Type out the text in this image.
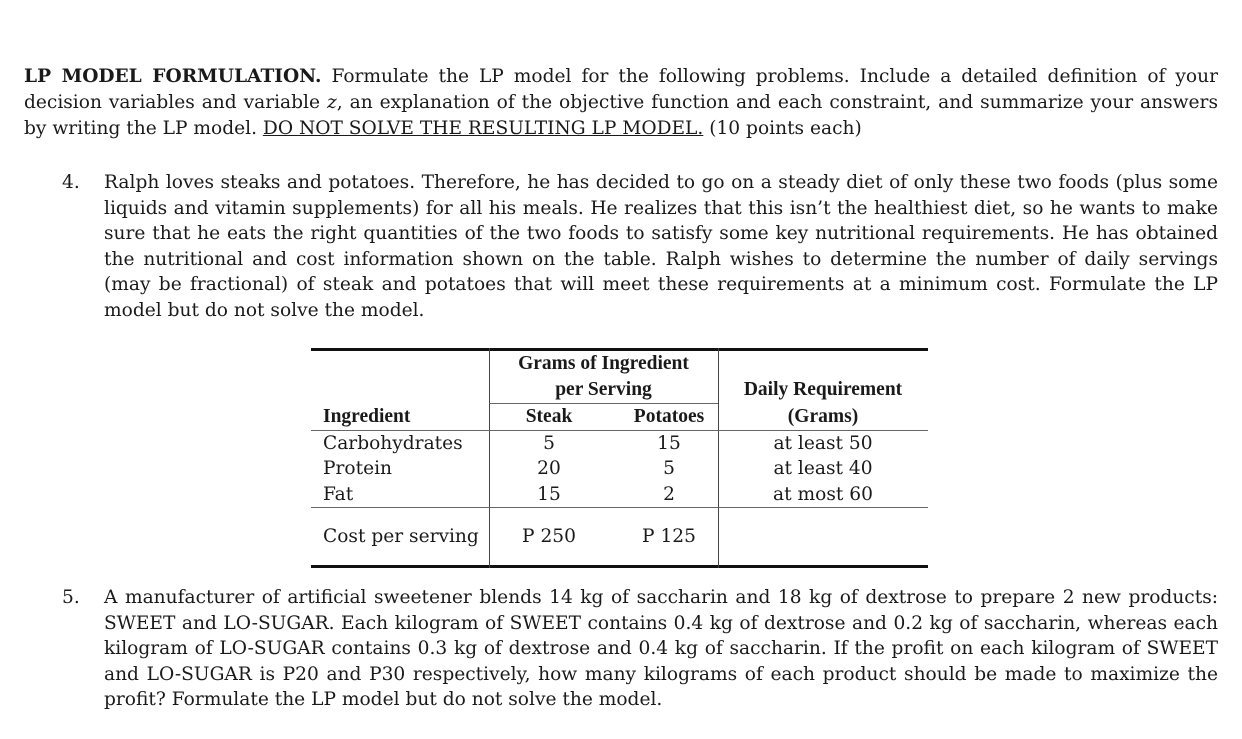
LP MODEL FORMULATION. Formulate the LP model for the following problems. Include a detailed definition of your decision variables and variable z, an explanation of the objective function and each constraint, and summarize your answers by writing the LP model. DO NOT SOLVE THE RESULTING LP MODEL. (10 points each)

4. Ralph loves steaks and potatoes. Therefore, he has decided to go on a steady diet of only these two foods (plus some liquids and vitamin supplements) for all his meals. He realizes that this isn’t the healthiest diet, so he wants to make sure that he eats the right quantities of the two foods to satisfy some key nutritional requirements. He has obtained the nutritional and cost information shown on the table. Ralph wishes to determine the number of daily servings (may be fractional) of steak and potatoes that will meet these requirements at a minimum cost. Formulate the LP model but do not solve the model.

5. A manufacturer of artificial sweetener blends 14 kg of saccharin and 18 kg of dextrose to prepare 2 new products: SWEET and LO-SUGAR. Each kilogram of SWEET contains 0.4 kg of dextrose and 0.2 kg of saccharin, whereas each kilogram of LO-SUGAR contains 0.3 kg of dextrose and 0.4 kg of saccharin. If the profit on each kilogram of SWEET and LO-SUGAR is P20 and P30 respectively, how many kilograms of each product should be made to maximize the profit? Formulate the LP model but do not solve the model.

Grams of Ingredient
per Serving
Ingredient	Steak	Potatoes
Daily Requirement
(Grams)
Carbohydrates	5	15	at least 50
Protein	20	5	at least 40
Fat	15	2	at most 60
Cost per serving	P 250	P 125
